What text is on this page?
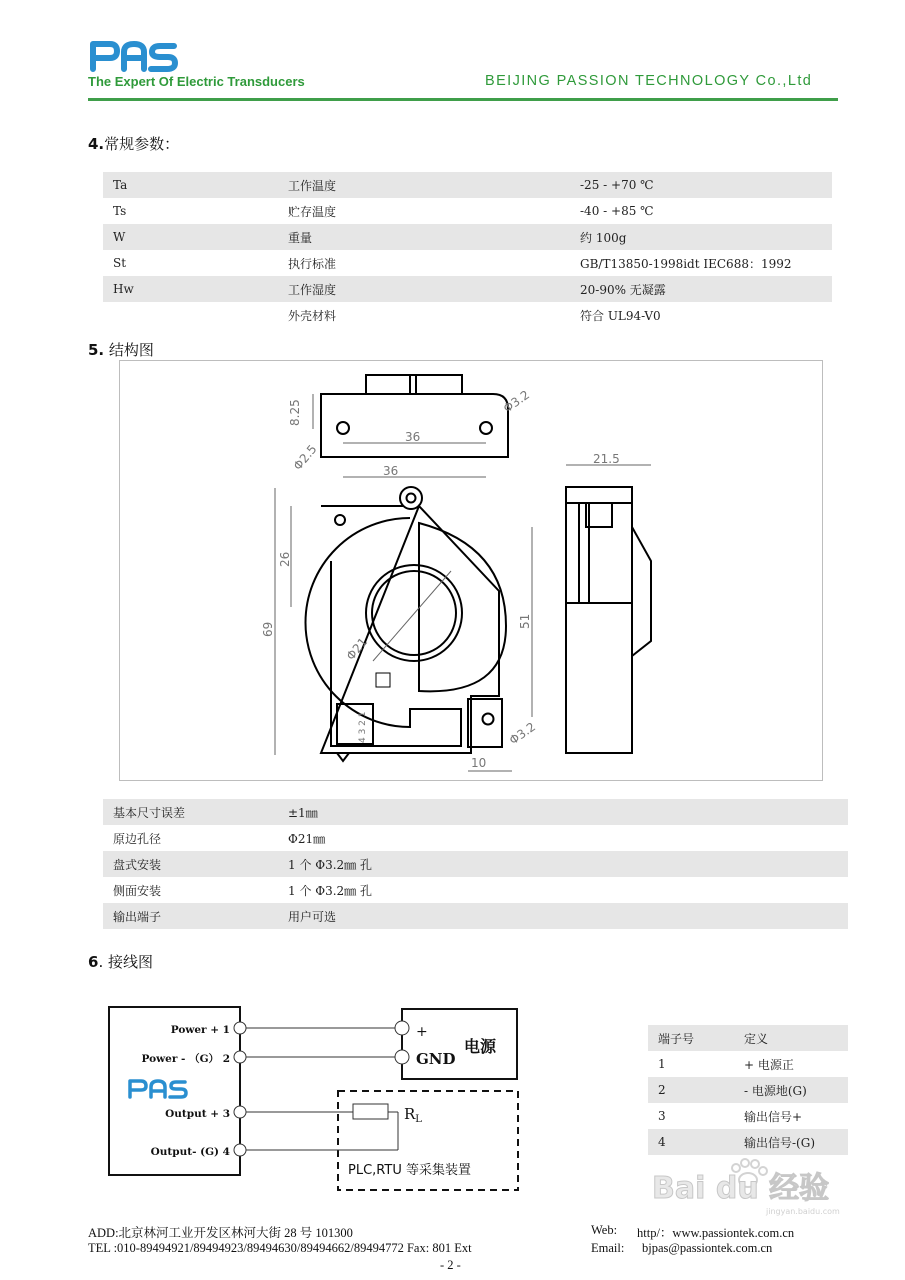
The Expert Of Electric Transducers	BEIJING PASSION TECHNOLOGY Co.,Ltd
4.常规参数：
Ta	工作温度	-25 - +70 ℃
Ts	贮存温度	-40 - +85 ℃
W	重量	约 100g
St	执行标准	GB/T13850-1998idt IEC688：1992
Hw	工作湿度	20-90% 无凝露
	外壳材料	符合 UL94-V0
5. 结构图
8.25
36
Φ3.2
Φ2.5	36
21.5
26
69
51
Φ21
Φ3.2
10
4 3 2 1
基本尺寸误差	±1㎜
原边孔径	Φ21㎜
盘式安装	1 个 Φ3.2㎜ 孔
侧面安装	1 个 Φ3.2㎜ 孔
输出端子	用户可选
6. 接线图
Power + 1
Power - （G） 2
Output + 3
Output- (G) 4
+
GND
电源
$R_L$
PLC,RTU 等采集装置
端子号	定义
1	+ 电源正
2	- 电源地(G)
3	输出信号+
4	输出信号-(G)
Bai du 经验
jingyan.baidu.com
ADD:北京林河工业开发区林河大街 28 号 101300
TEL :010-89494921/89494923/89494630/89494662/89494772 Fax: 801 Ext
Web: http/：www.passiontek.com.cn
Email: bjpas@passiontek.com.cn
- 2 -
